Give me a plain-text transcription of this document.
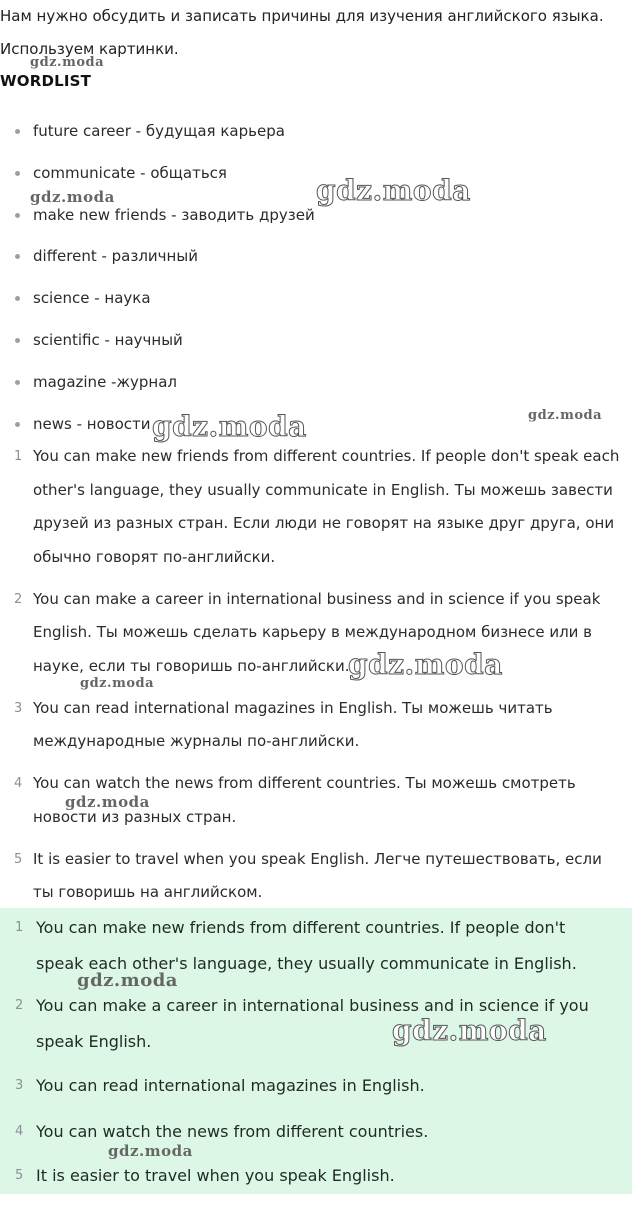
Нам нужно обсудить и записать причины для изучения английского языка.
Используем картинки.
WORDLIST
future career - будущая карьера
communicate - общаться
make new friends - заводить друзей
different - различный
science - наука
scientific - научный
magazine -журнал
news - новости
1 You can make new friends from different countries. If people don't speak each other's language, they usually communicate in English. Ты можешь завести друзей из разных стран. Если люди не говорят на языке друг друга, они обычно говорят по-английски.
2 You can make a career in international business and in science if you speak English. Ты можешь сделать карьеру в международном бизнесе или в науке, если ты говоришь по-английски.
3 You can read international magazines in English. Ты можешь читать международные журналы по-английски.
4 You can watch the news from different countries. Ты можешь смотреть новости из разных стран.
5 It is easier to travel when you speak English. Легче путешествовать, если ты говоришь на английском.
1 You can make new friends from different countries. If people don't speak each other's language, they usually communicate in English.
2 You can make a career in international business and in science if you speak English.
3 You can read international magazines in English.
4 You can watch the news from different countries.
5 It is easier to travel when you speak English.
gdz.moda
gdz.moda
gdz.moda
gdz.moda	gdz.moda
gdz.moda
gdz.moda
gdz.moda
gdz.moda
gdz.moda
gdz.moda
